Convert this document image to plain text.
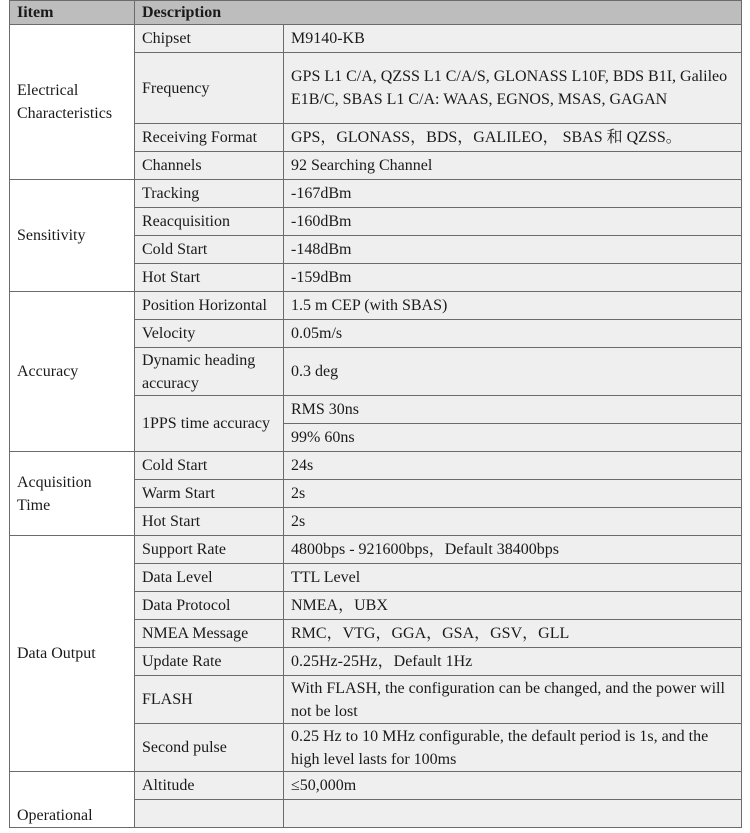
Iitem	Description	
Electrical Characteristics	Chipset	M9140-KB
	Frequency	GPS L1 C/A, QZSS L1 C/A/S, GLONASS L10F, BDS B1I, Galileo E1B/C, SBAS L1 C/A: WAAS, EGNOS, MSAS, GAGAN
	Receiving Format	GPS，GLONASS，BDS，GALILEO， SBAS 和 QZSS。
	Channels	92 Searching Channel
Sensitivity	Tracking	-167dBm
	Reacquisition	-160dBm
	Cold Start	-148dBm
	Hot Start	-159dBm
Accuracy	Position Horizontal	1.5 m CEP (with SBAS)
	Velocity	0.05m/s
	Dynamic heading accuracy	0.3 deg
	1PPS time accuracy	RMS 30ns
		99% 60ns
Acquisition Time	Cold Start	24s
	Warm Start	2s
	Hot Start	2s
Data Output	Support Rate	4800bps - 921600bps，Default 38400bps
	Data Level	TTL Level
	Data Protocol	NMEA，UBX
	NMEA Message	RMC，VTG，GGA，GSA，GSV，GLL
	Update Rate	0.25Hz-25Hz，Default 1Hz
	FLASH	With FLASH, the configuration can be changed, and the power will not be lost
	Second pulse	0.25 Hz to 10 MHz configurable, the default period is 1s, and the high level lasts for 100ms
Operational	Altitude	≤50,000m
